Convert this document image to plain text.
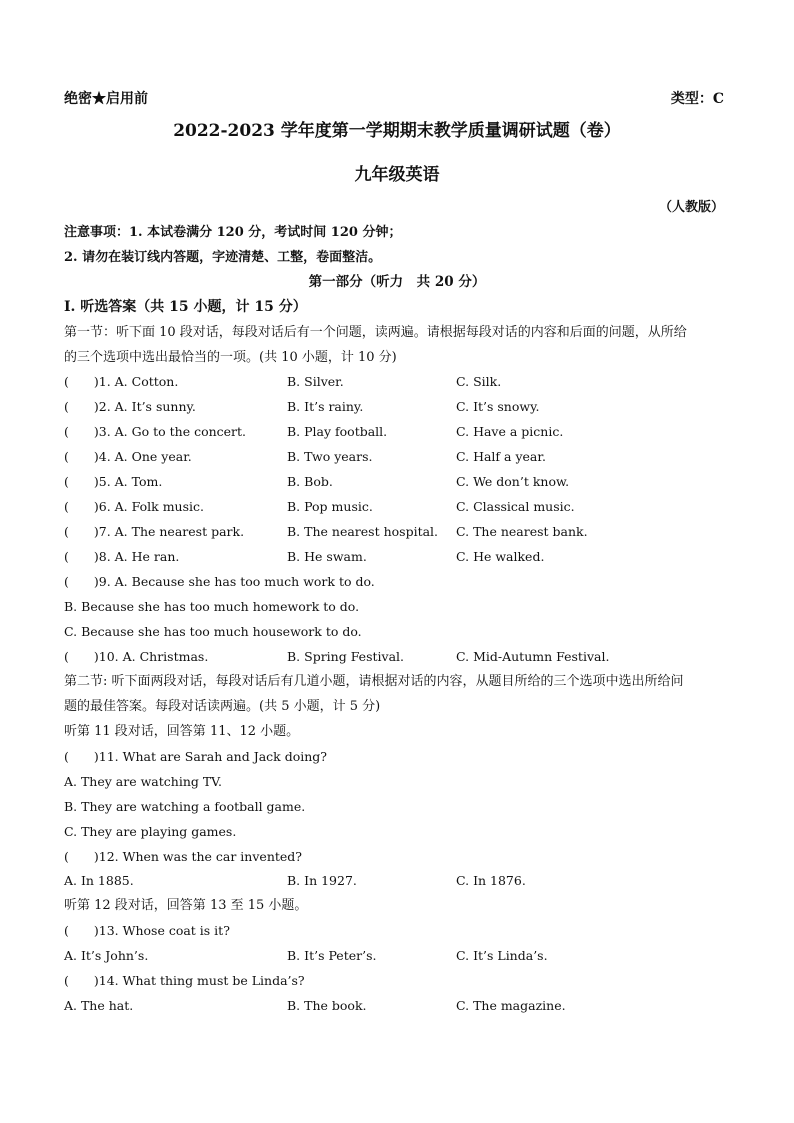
绝密★启用前	类型：C
2022-2023 学年度第一学期期末教学质量调研试题（卷）
九年级英语
（人教版）
注意事项：1. 本试卷满分 120 分，考试时间 120 分钟；
2. 请勿在装订线内答题，字迹清楚、工整，卷面整洁。
第一部分（听力　共 20 分）
Ⅰ. 听选答案（共 15 小题，计 15 分）
第一节：听下面 10 段对话，每段对话后有一个问题，读两遍。请根据每段对话的内容和后面的问题，从所给
的三个选项中选出最恰当的一项。(共 10 小题，计 10 分)
(　　)1. A. Cotton.	B. Silver.	C. Silk.
(　　)2. A. It’s sunny.	B. It’s rainy.	C. It’s snowy.
(　　)3. A. Go to the concert.	B. Play football.	C. Have a picnic.
(　　)4. A. One year.	B. Two years.	C. Half a year.
(　　)5. A. Tom.	B. Bob.	C. We don’t know.
(　　)6. A. Folk music.	B. Pop music.	C. Classical music.
(　　)7. A. The nearest park.	B. The nearest hospital. C. The nearest bank.
(　　)8. A. He ran.	B. He swam.	C. He walked.
(　　)9. A. Because she has too much work to do.
B. Because she has too much homework to do.
C. Because she has too much housework to do.
(　　)10. A. Christmas.	B. Spring Festival.	C. Mid-Autumn Festival.
第二节: 听下面两段对话，每段对话后有几道小题，请根据对话的内容，从题目所给的三个选项中选出所给问
题的最佳答案。每段对话读两遍。(共 5 小题，计 5 分)
听第 11 段对话，回答第 11、12 小题。
(　　)11. What are Sarah and Jack doing?
A. They are watching TV.
B. They are watching a football game.
C. They are playing games.
(　　)12. When was the car invented?
A. In 1885.	B. In 1927.	C. In 1876.
听第 12 段对话，回答第 13 至 15 小题。
(　　)13. Whose coat is it?
A. It’s John’s.	B. It’s Peter’s.	C. It’s Linda’s.
(　　)14. What thing must be Linda’s?
A. The hat.	B. The book.	C. The magazine.
